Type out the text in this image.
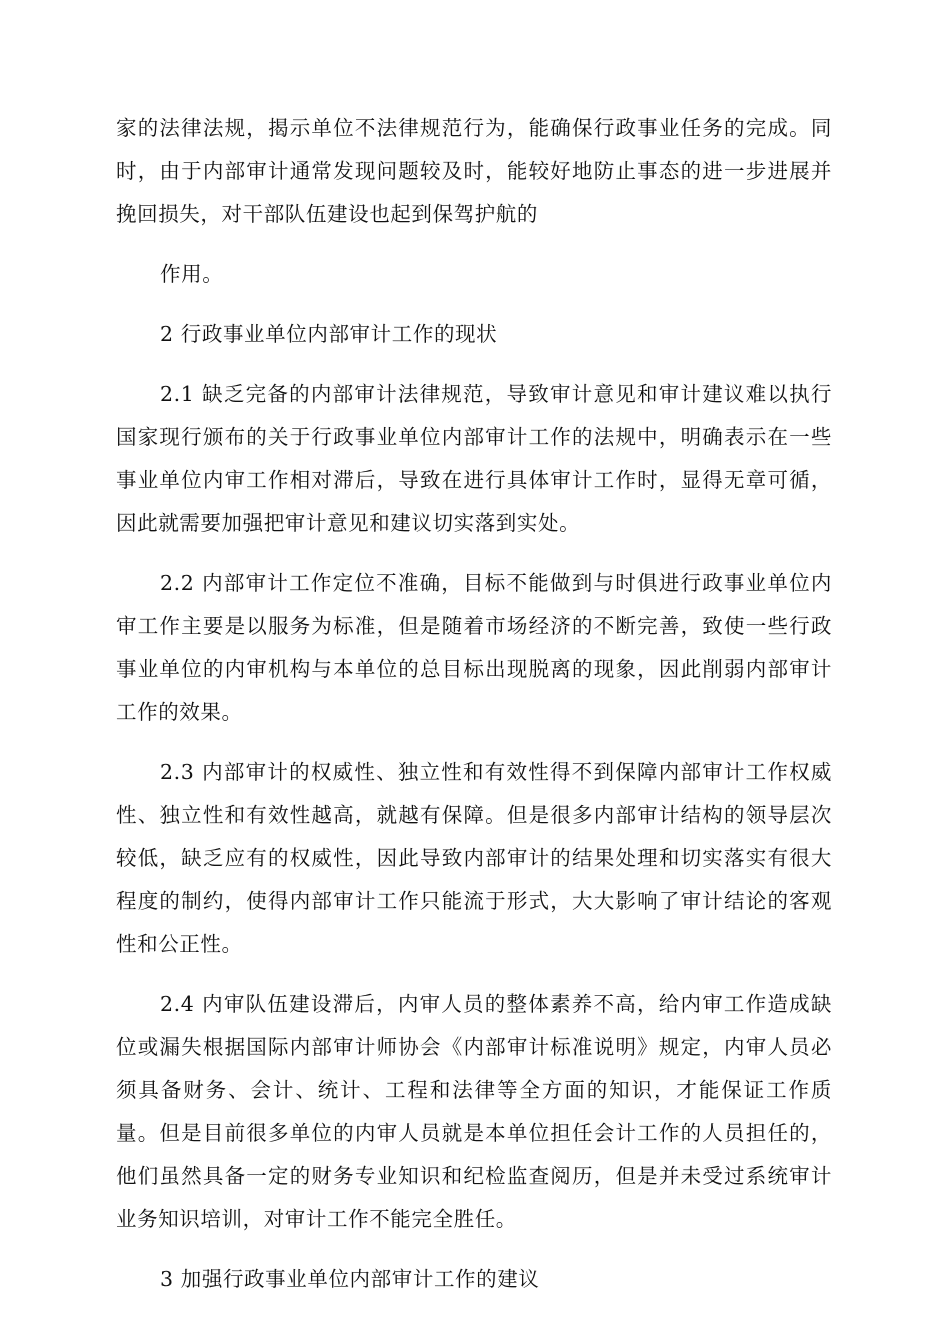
家的法律法规，揭示单位不法律规范行为，能确保行政事业任务的完成。同时，由于内部审计通常发现问题较及时，能较好地防止事态的进一步进展并挽回损失，对干部队伍建设也起到保驾护航的

作用。

2 行政事业单位内部审计工作的现状

2.1 缺乏完备的内部审计法律规范，导致审计意见和审计建议难以执行国家现行颁布的关于行政事业单位内部审计工作的法规中，明确表示在一些事业单位内审工作相对滞后，导致在进行具体审计工作时，显得无章可循，因此就需要加强把审计意见和建议切实落到实处。

2.2 内部审计工作定位不准确，目标不能做到与时俱进行政事业单位内审工作主要是以服务为标准，但是随着市场经济的不断完善，致使一些行政事业单位的内审机构与本单位的总目标出现脱离的现象，因此削弱内部审计工作的效果。

2.3 内部审计的权威性、独立性和有效性得不到保障内部审计工作权威性、独立性和有效性越高，就越有保障。但是很多内部审计结构的领导层次较低，缺乏应有的权威性，因此导致内部审计的结果处理和切实落实有很大程度的制约，使得内部审计工作只能流于形式，大大影响了审计结论的客观性和公正性。

2.4 内审队伍建设滞后，内审人员的整体素养不高，给内审工作造成缺位或漏失根据国际内部审计师协会《内部审计标准说明》规定，内审人员必须具备财务、会计、统计、工程和法律等全方面的知识，才能保证工作质量。但是目前很多单位的内审人员就是本单位担任会计工作的人员担任的，他们虽然具备一定的财务专业知识和纪检监查阅历，但是并未受过系统审计业务知识培训，对审计工作不能完全胜任。

3 加强行政事业单位内部审计工作的建议
